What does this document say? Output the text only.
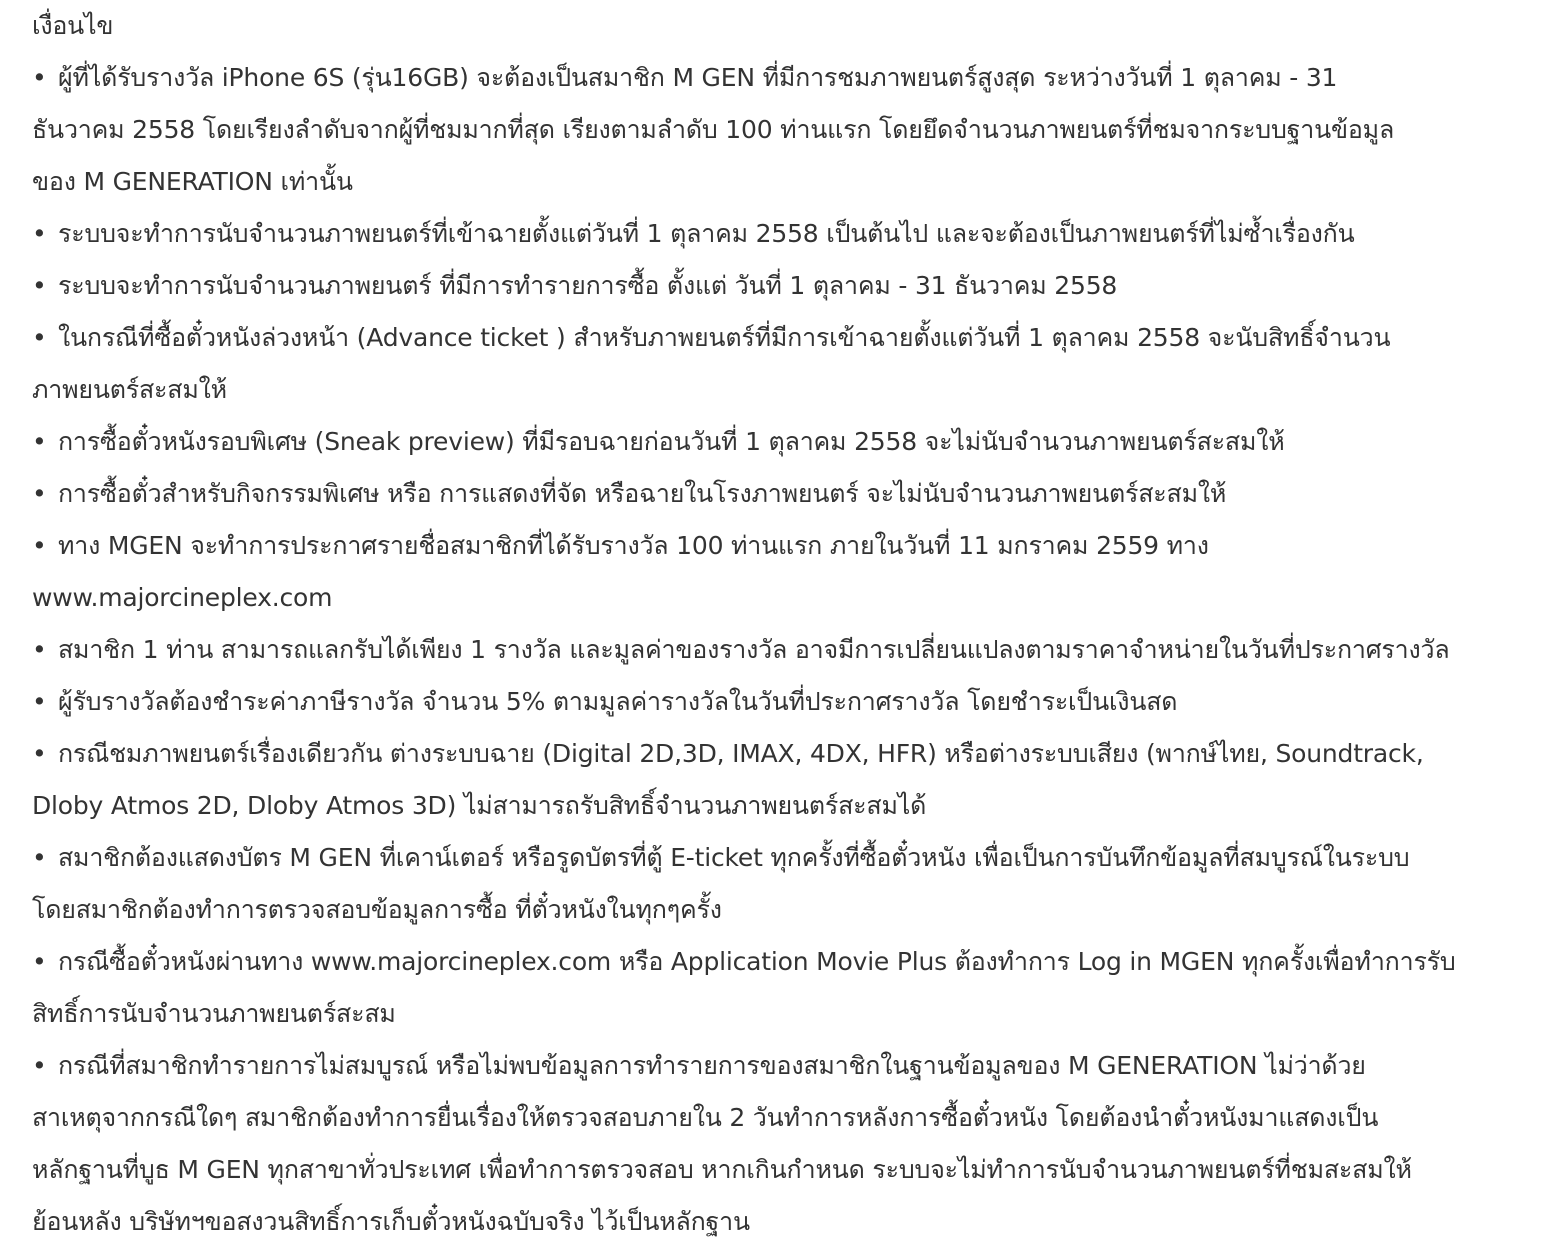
เงื่อนไข
• ผู้ที่ได้รับรางวัล iPhone 6S (รุ่น16GB) จะต้องเป็นสมาชิก M GEN ที่มีการชมภาพยนตร์สูงสุด ระหว่างวันที่ 1 ตุลาคม - 31
ธันวาคม 2558 โดยเรียงลำดับจากผู้ที่ชมมากที่สุด เรียงตามลำดับ 100 ท่านแรก โดยยึดจำนวนภาพยนตร์ที่ชมจากระบบฐานข้อมูล
ของ M GENERATION เท่านั้น
• ระบบจะทำการนับจำนวนภาพยนตร์ที่เข้าฉายตั้งแต่วันที่ 1 ตุลาคม 2558 เป็นต้นไป และจะต้องเป็นภาพยนตร์ที่ไม่ซ้ำเรื่องกัน
• ระบบจะทำการนับจำนวนภาพยนตร์ ที่มีการทำรายการซื้อ ตั้งแต่ วันที่ 1 ตุลาคม - 31 ธันวาคม 2558
• ในกรณีที่ซื้อตั๋วหนังล่วงหน้า (Advance ticket ) สำหรับภาพยนตร์ที่มีการเข้าฉายตั้งแต่วันที่ 1 ตุลาคม 2558 จะนับสิทธิ์จำนวน
ภาพยนตร์สะสมให้
• การซื้อตั๋วหนังรอบพิเศษ (Sneak preview) ที่มีรอบฉายก่อนวันที่ 1 ตุลาคม 2558 จะไม่นับจำนวนภาพยนตร์สะสมให้
• การซื้อตั๋วสำหรับกิจกรรมพิเศษ หรือ การแสดงที่จัด หรือฉายในโรงภาพยนตร์ จะไม่นับจำนวนภาพยนตร์สะสมให้
• ทาง MGEN จะทำการประกาศรายชื่อสมาชิกที่ได้รับรางวัล 100 ท่านแรก ภายในวันที่ 11 มกราคม 2559 ทาง
www.majorcineplex.com
• สมาชิก 1 ท่าน สามารถแลกรับได้เพียง 1 รางวัล และมูลค่าของรางวัล อาจมีการเปลี่ยนแปลงตามราคาจำหน่ายในวันที่ประกาศรางวัล
• ผู้รับรางวัลต้องชำระค่าภาษีรางวัล จำนวน 5% ตามมูลค่ารางวัลในวันที่ประกาศรางวัล โดยชำระเป็นเงินสด
• กรณีชมภาพยนตร์เรื่องเดียวกัน ต่างระบบฉาย (Digital 2D,3D, IMAX, 4DX, HFR) หรือต่างระบบเสียง (พากษ์ไทย, Soundtrack,
Dloby Atmos 2D, Dloby Atmos 3D) ไม่สามารถรับสิทธิ์จำนวนภาพยนตร์สะสมได้
• สมาชิกต้องแสดงบัตร M GEN ที่เคาน์เตอร์ หรือรูดบัตรที่ตู้ E-ticket ทุกครั้งที่ซื้อตั๋วหนัง เพื่อเป็นการบันทึกข้อมูลที่สมบูรณ์ในระบบ
โดยสมาชิกต้องทำการตรวจสอบข้อมูลการซื้อ ที่ตั๋วหนังในทุกๆครั้ง
• กรณีซื้อตั๋วหนังผ่านทาง www.majorcineplex.com หรือ Application Movie Plus ต้องทำการ Log in MGEN ทุกครั้งเพื่อทำการรับ
สิทธิ์การนับจำนวนภาพยนตร์สะสม
• กรณีที่สมาชิกทำรายการไม่สมบูรณ์ หรือไม่พบข้อมูลการทำรายการของสมาชิกในฐานข้อมูลของ M GENERATION ไม่ว่าด้วย
สาเหตุจากกรณีใดๆ สมาชิกต้องทำการยื่นเรื่องให้ตรวจสอบภายใน 2 วันทำการหลังการซื้อตั๋วหนัง โดยต้องนำตั๋วหนังมาแสดงเป็น
หลักฐานที่บูธ M GEN ทุกสาขาทั่วประเทศ เพื่อทำการตรวจสอบ หากเกินกำหนด ระบบจะไม่ทำการนับจำนวนภาพยนตร์ที่ชมสะสมให้
ย้อนหลัง บริษัทฯขอสงวนสิทธิ์การเก็บตั๋วหนังฉบับจริง ไว้เป็นหลักฐาน
